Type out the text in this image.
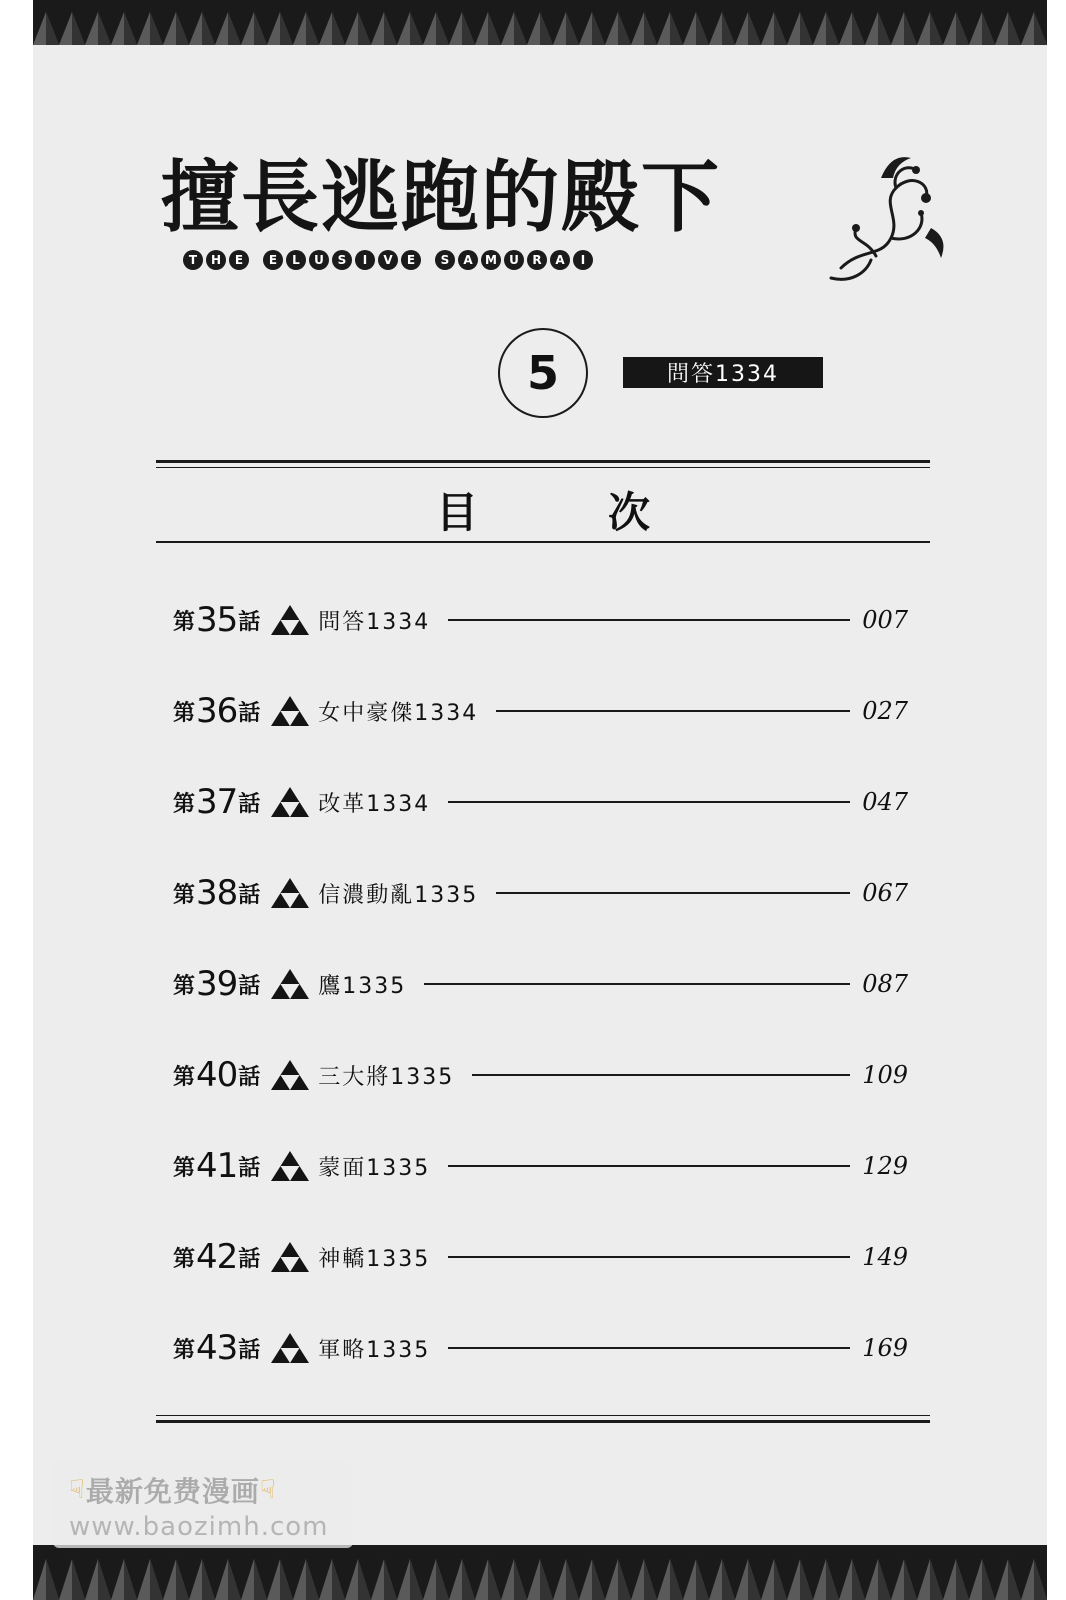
擅長逃跑的殿下
T	H	E	E	L	U	S	I	V	E	S	A	M	U	R	A	I
5	問答1334
目	次
第 35 話	問答1334	007
第 36 話	女中豪傑1334	027
第 37 話	改革1334	047
第 38 話	信濃動亂1335	067
第 39 話	鷹1335	087
第 40 話	三大將1335	109
第 41 話	蒙面1335	129
第 42 話	神轎1335	149
第 43 話	軍略1335	169
☟ 最新免费漫画 ☟
www.baozimh.com
